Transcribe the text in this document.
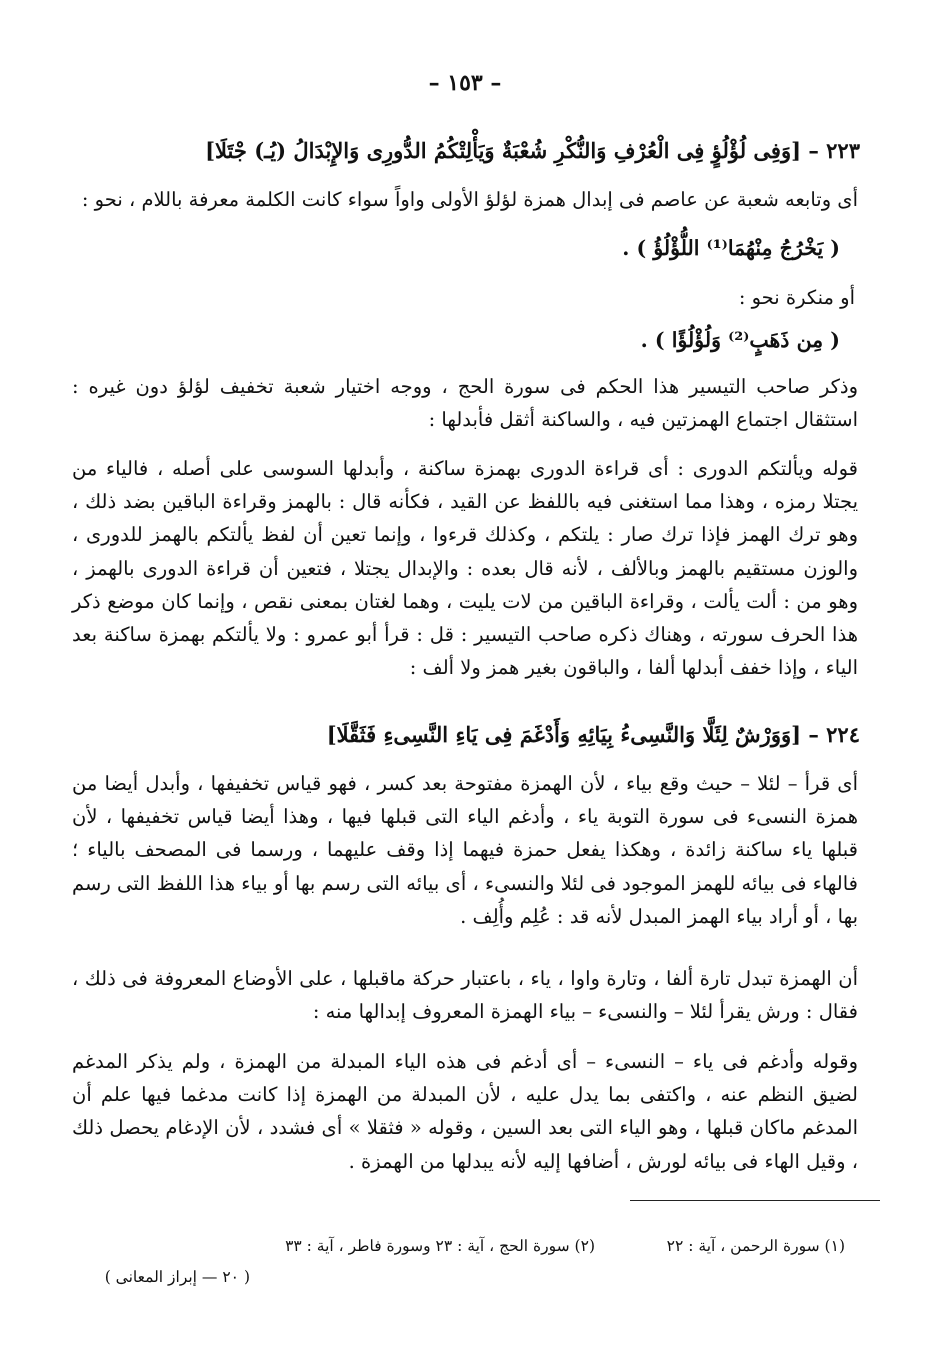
– ١٥٣ –
٢٢٣ – [وَفِى لُؤْلُؤٍ فِى الْعُرْفِ وَالنُّكْرِ شُعْبَةٌ وَيَأْلِتْكُمُ الدُّورِى وَالإِبْدَالُ (يُـ) جْتَلَا]
أى وتابعه شعبة عن عاصم فى إبدال همزة لؤلؤ الأولى واواً سواء كانت الكلمة معرفة باللام ، نحو :
( يَخْرُجُ مِنْهُمَا⁽¹⁾ اللُّؤْلُؤُ ) .
أو منكرة نحو :
( مِن ذَهَبٍ⁽²⁾ وَلُؤْلُؤًا ) .
وذكر صاحب التيسير هذا الحكم فى سورة الحج ، ووجه اختيار شعبة تخفيف لؤلؤ دون غيره : استثقال اجتماع الهمزتين فيه ، والساكنة أثقل فأبدلها :
قوله ويألتكم الدورى : أى قراءة الدورى بهمزة ساكنة ، وأبدلها السوسى على أصله ، فالياء من يجتلا رمزه ، وهذا مما استغنى فيه باللفظ عن القيد ، فكأنه قال : بالهمز وقراءة الباقين بضد ذلك ، وهو ترك الهمز فإذا ترك صار : يلتكم ، وكذلك قرءوا ، وإنما تعين أن لفظ يألتكم بالهمز للدورى ، والوزن مستقيم بالهمز وبالألف ، لأنه قال بعده : والإبدال يجتلا ، فتعين أن قراءة الدورى بالهمز ، وهو من : ألت يألت ، وقراءة الباقين من لات يليت ، وهما لغتان بمعنى نقص ، وإنما كان موضع ذكر هذا الحرف سورته ، وهناك ذكره صاحب التيسير : قل : قرأ أبو عمرو : ولا يألتكم بهمزة ساكنة بعد الياء ، وإذا خفف أبدلها ألفا ، والباقون بغير همز ولا ألف :
٢٢٤ – [وَوَرْشٌ لِئَلَّا وَالنَّسِىءُ بِيَائِهِ وَأَدْغَمَ فِى يَاءِ النَّسِىءِ فَثَقَّلَا]
أى قرأ – لئلا – حيث وقع بياء ، لأن الهمزة مفتوحة بعد كسر ، فهو قياس تخفيفها ، وأبدل أيضا من همزة النسىء فى سورة التوبة ياء ، وأدغم الياء التى قبلها فيها ، وهذا أيضا قياس تخفيفها ، لأن قبلها ياء ساكنة زائدة ، وهكذا يفعل حمزة فيهما إذا وقف عليهما ، ورسما فى المصحف بالياء ؛ فالهاء فى بيائه للهمز الموجود فى لئلا والنسىء ، أى بيائه التى رسم بها أو بياء هذا اللفظ التى رسم بها ، أو أراد بياء الهمز المبدل لأنه قد : عُلِم وأُلِف .
أن الهمزة تبدل تارة ألفا ، وتارة واوا ، ياء ، باعتبار حركة ماقبلها ، على الأوضاع المعروفة فى ذلك ، فقال : ورش يقرأ لئلا – والنسىء – بياء الهمزة المعروف إبدالها منه :
وقوله وأدغم فى ياء – النسىء – أى أدغم فى هذه الياء المبدلة من الهمزة ، ولم يذكر المدغم لضيق النظم عنه ، واكتفى بما يدل عليه ، لأن المبدلة من الهمزة إذا كانت مدغما فيها علم أن المدغم ماكان قبلها ، وهو الياء التى بعد السين ، وقوله « فثقلا » أى فشدد ، لأن الإدغام يحصل ذلك ، وقيل الهاء فى بيائه لورش ، أضافها إليه لأنه يبدلها من الهمزة .
(١) سورة الرحمن ، آية : ٢٢
(٢) سورة الحج ، آية : ٢٣ وسورة فاطر ، آية : ٣٣
( ٢٠ — إبراز المعانى )
